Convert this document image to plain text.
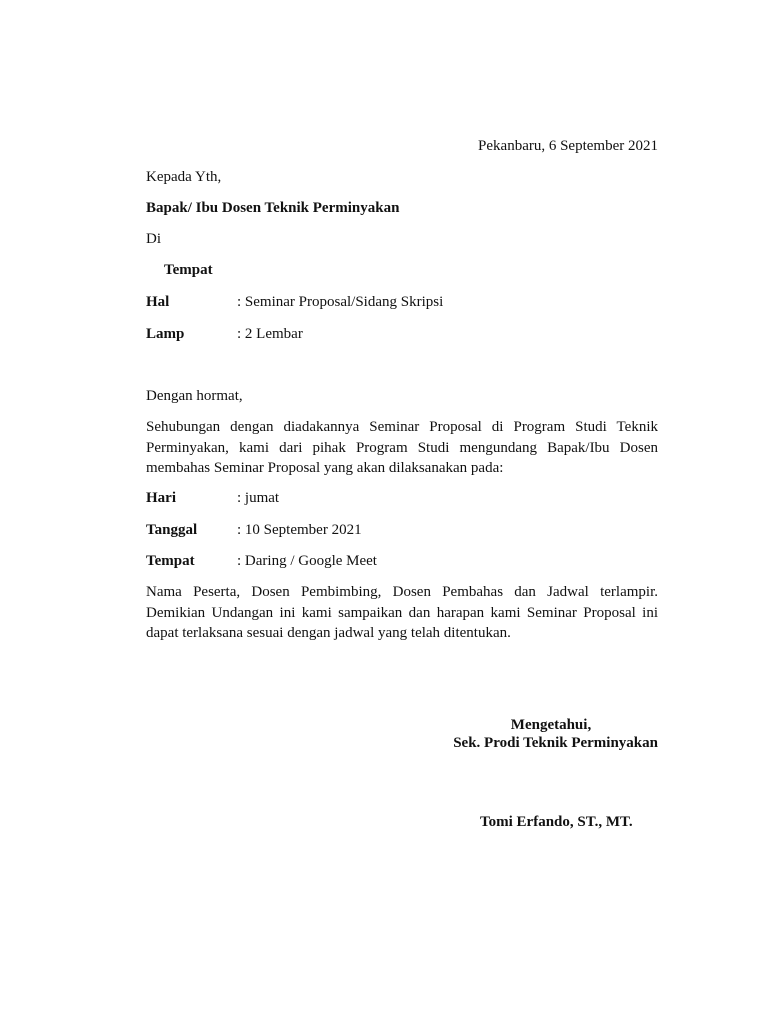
Pekanbaru, 6 September 2021
Kepada Yth,
Bapak/ Ibu Dosen Teknik Perminyakan
Di
Tempat
Hal	: Seminar Proposal/Sidang Skripsi
Lamp	: 2 Lembar
Dengan hormat,
Sehubungan dengan diadakannya Seminar Proposal di Program Studi Teknik Perminyakan, kami dari pihak Program Studi mengundang Bapak/Ibu Dosen membahas Seminar Proposal yang akan dilaksanakan pada:
Hari	: jumat
Tanggal	: 10 September 2021
Tempat	: Daring / Google Meet
Nama Peserta, Dosen Pembimbing, Dosen Pembahas dan Jadwal terlampir. Demikian Undangan ini kami sampaikan dan harapan kami Seminar Proposal ini dapat terlaksana sesuai dengan jadwal yang telah ditentukan.
Mengetahui,
Sek. Prodi Teknik Perminyakan
Tomi Erfando, ST., MT.
